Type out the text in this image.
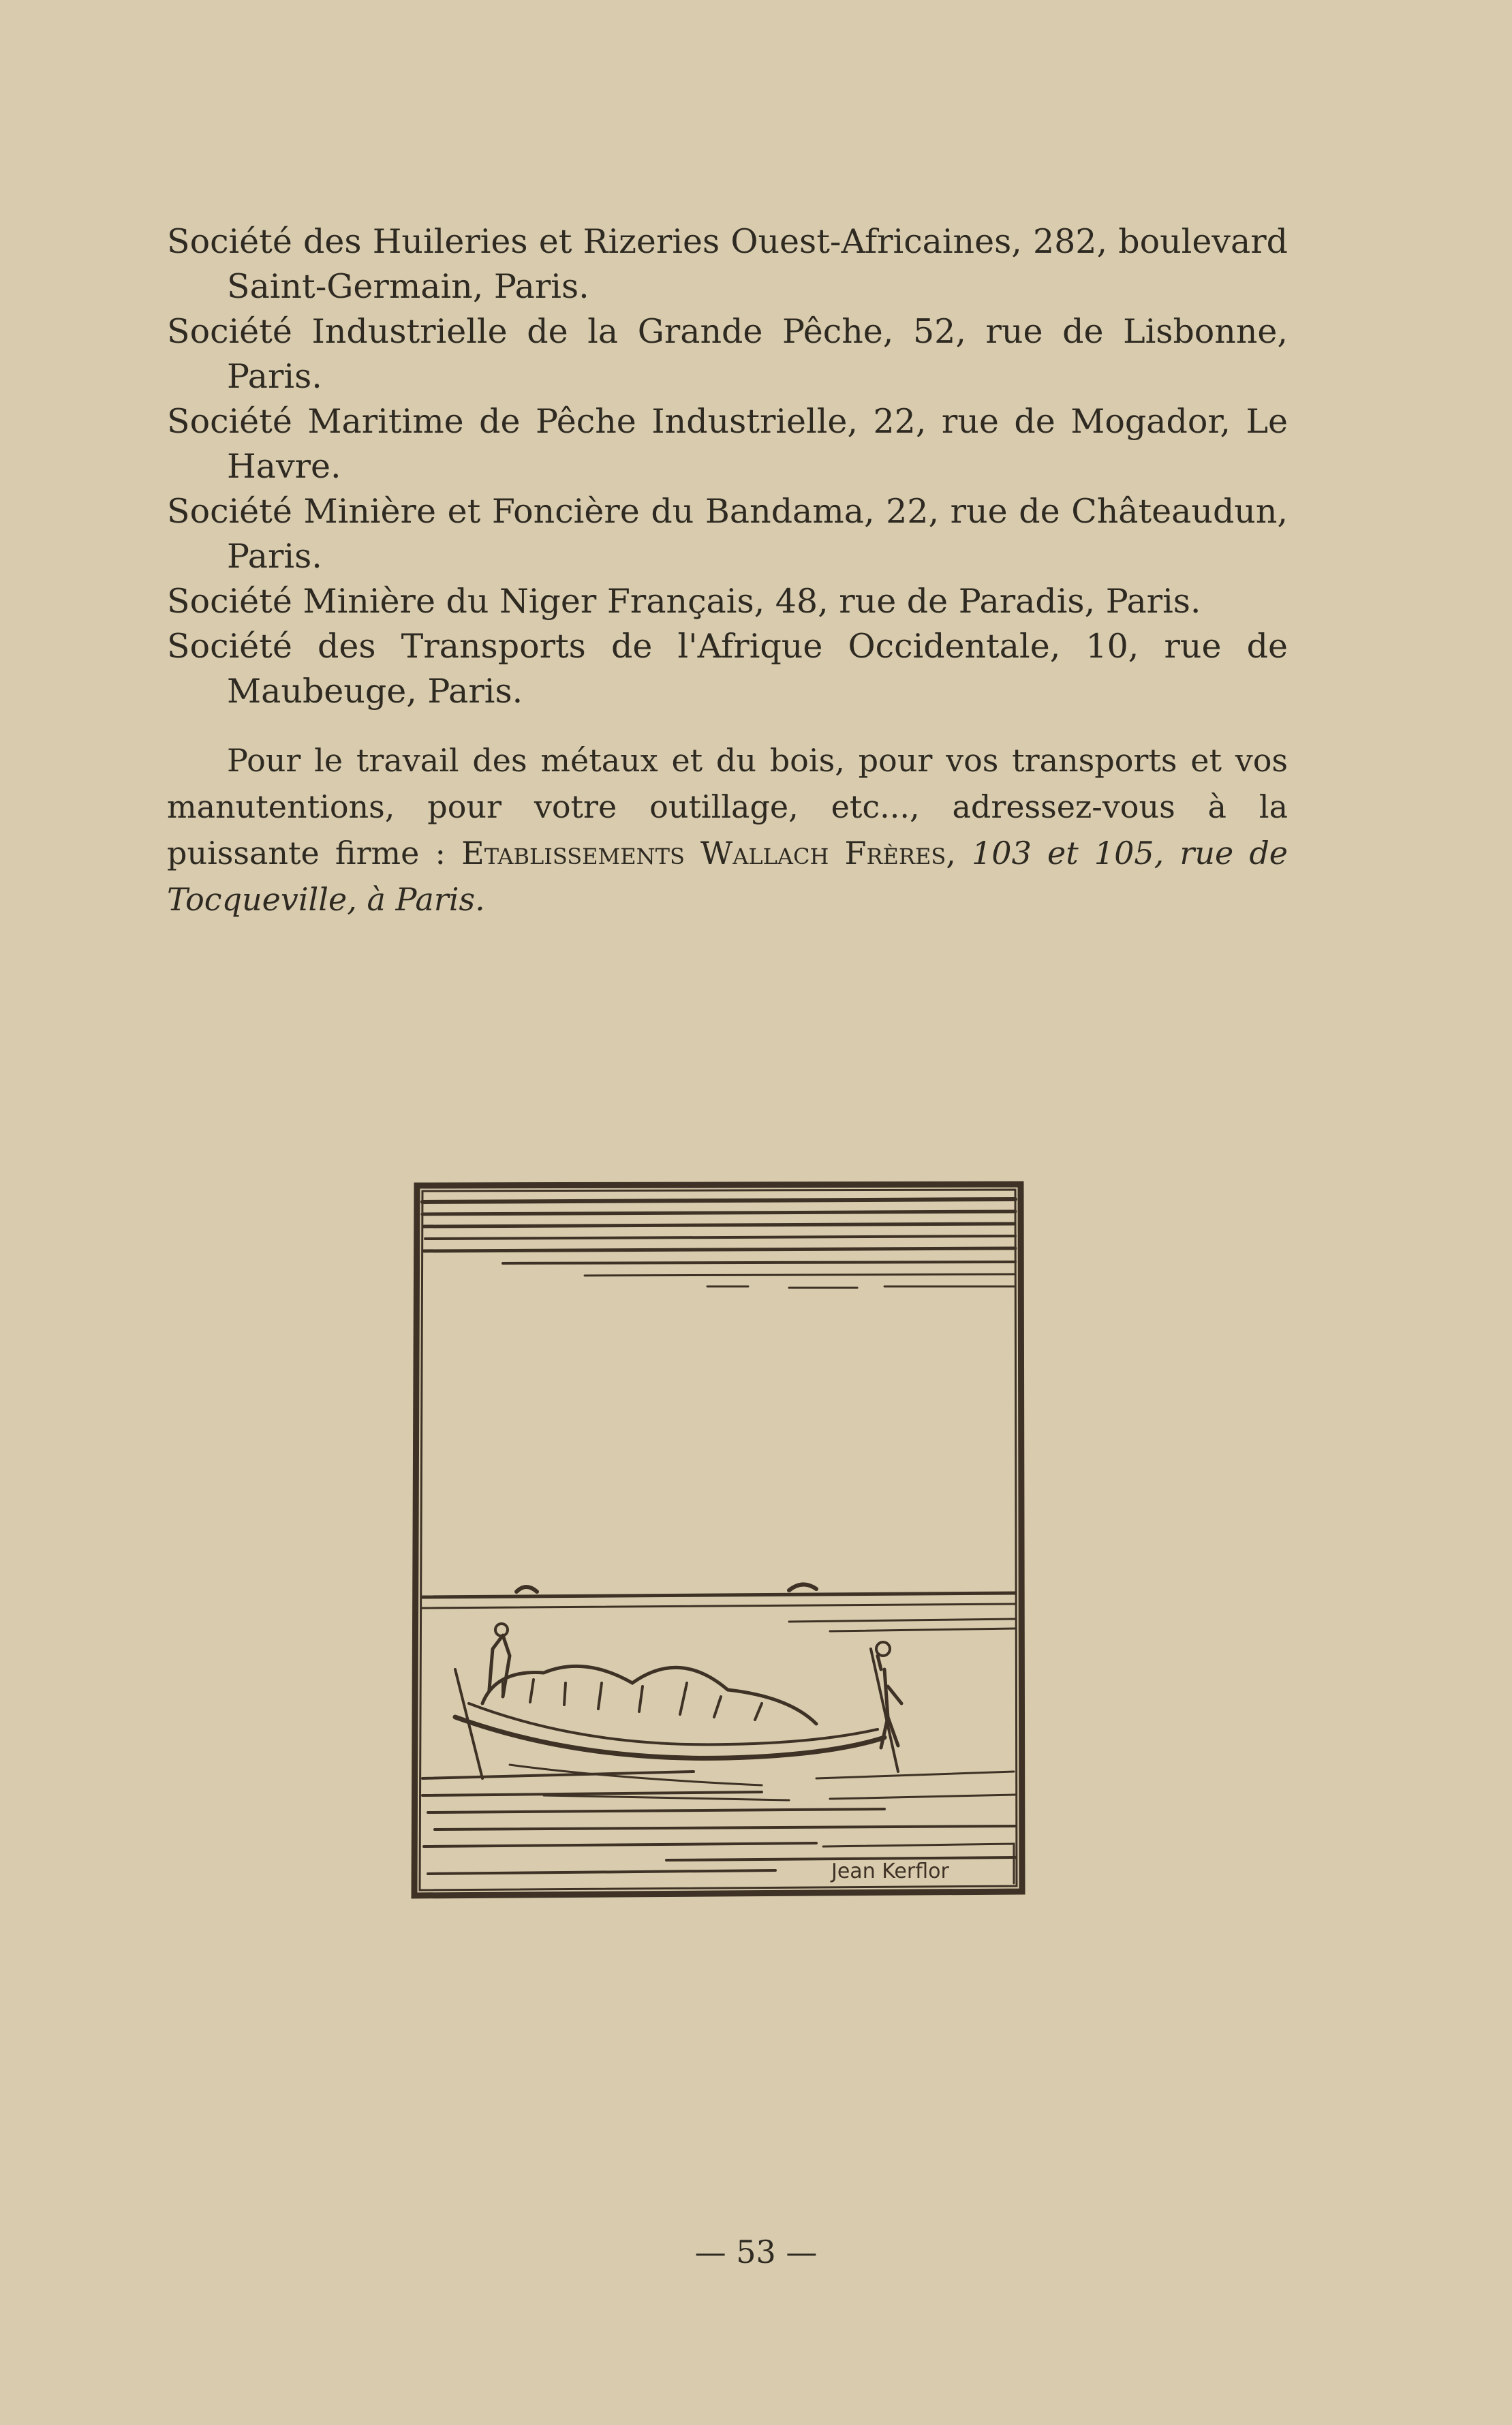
Société des Huileries et Rizeries Ouest-Africaines, 282, boulevard Saint-Germain, Paris.

Société Industrielle de la Grande Pêche, 52, rue de Lisbonne, Paris.

Société Maritime de Pêche Industrielle, 22, rue de Mogador, Le Havre.

Société Minière et Foncière du Bandama, 22, rue de Châteaudun, Paris.

Société Minière du Niger Français, 48, rue de Paradis, Paris.

Société des Transports de l'Afrique Occidentale, 10, rue de Maubeuge, Paris.

Pour le travail des métaux et du bois, pour vos transports et vos manutentions, pour votre outillage, etc..., adressez-vous à la puissante firme : Etablissements Wallach Frères, 103 et 105, rue de Tocqueville, à Paris.

Jean Kerflor
— 53 —
